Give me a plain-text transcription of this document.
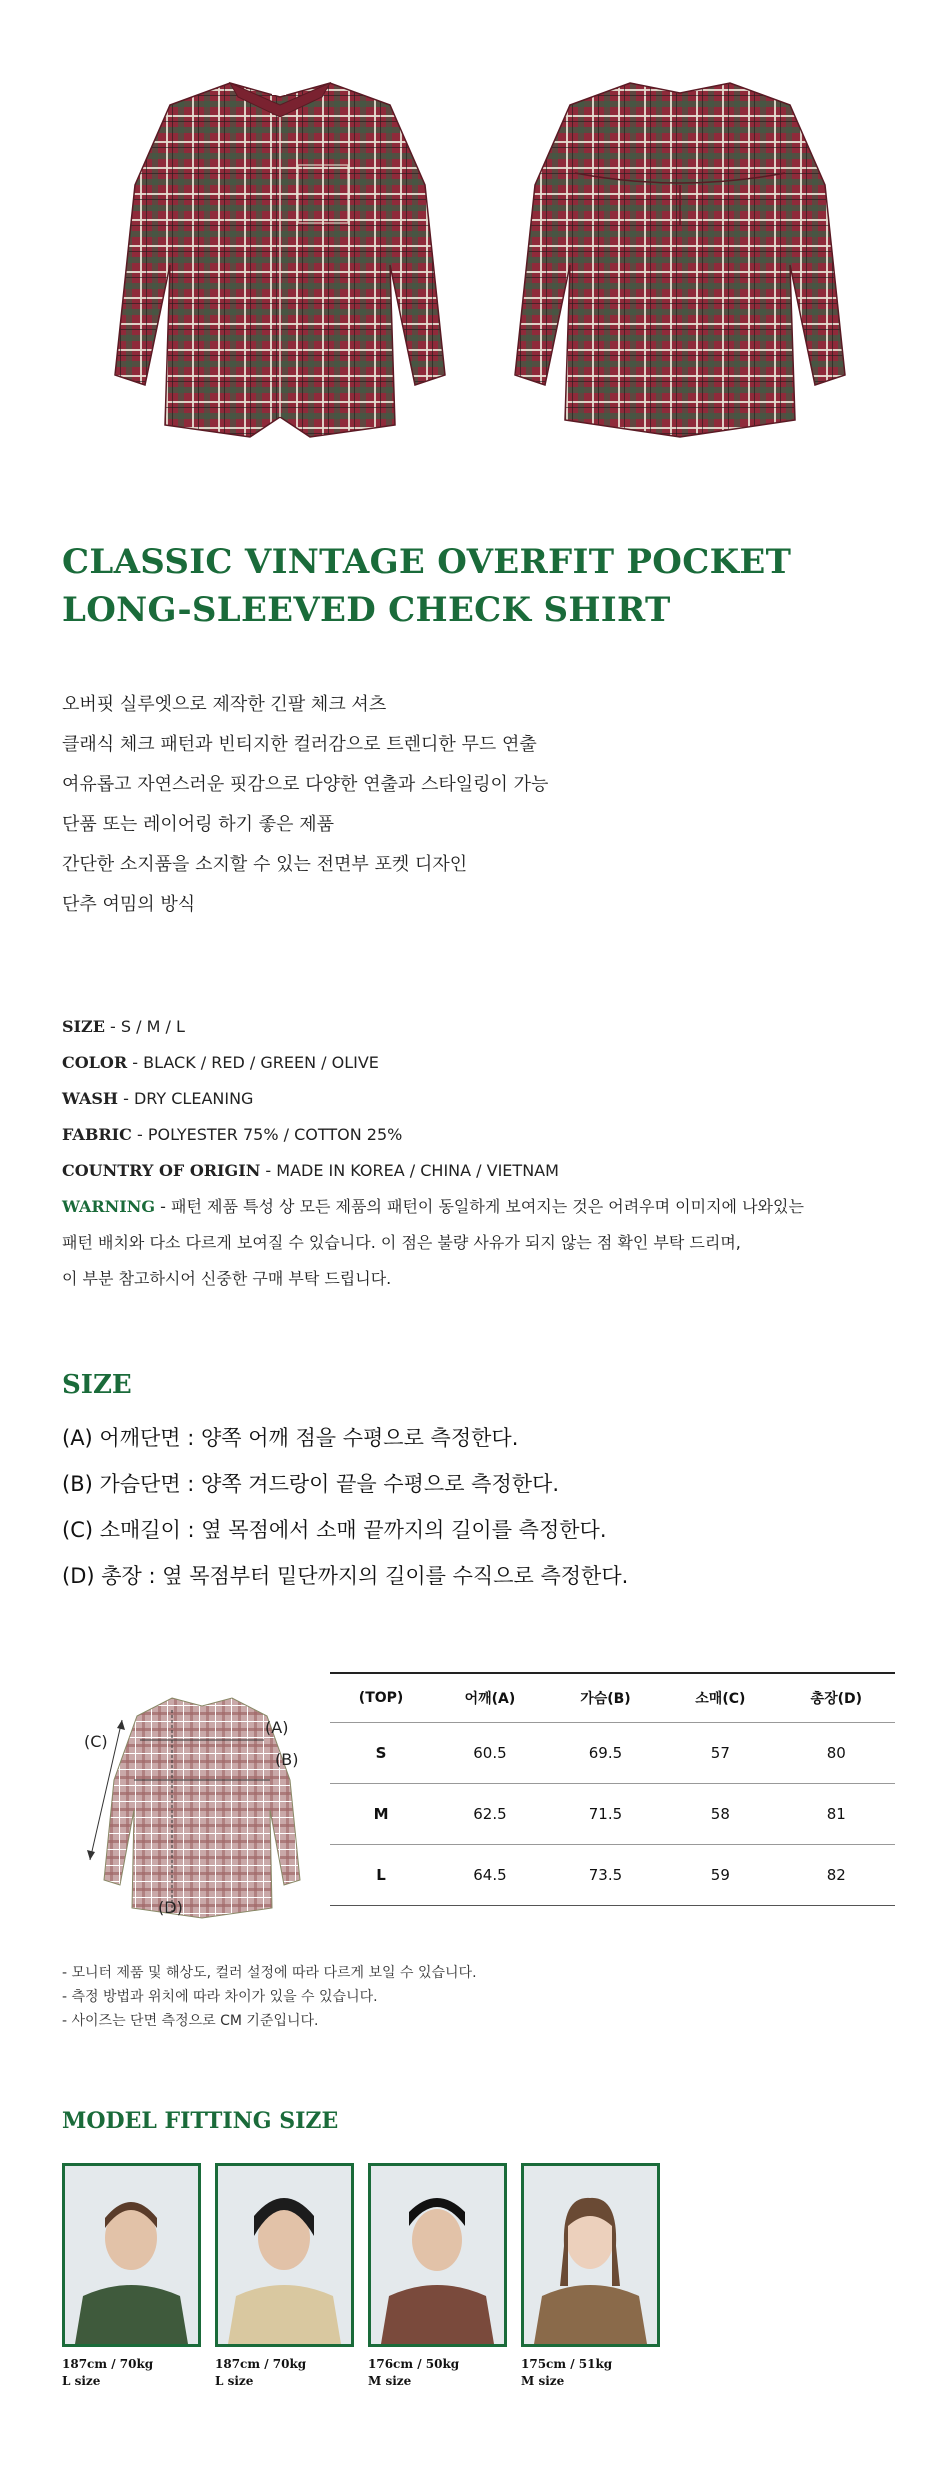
CLASSIC VINTAGE OVERFIT POCKET
LONG-SLEEVED CHECK SHIRT
오버핏 실루엣으로 제작한 긴팔 체크 셔츠
클래식 체크 패턴과 빈티지한 컬러감으로 트렌디한 무드 연출
여유롭고 자연스러운 핏감으로 다양한 연출과 스타일링이 가능
단품 또는 레이어링 하기 좋은 제품
간단한 소지품을 소지할 수 있는 전면부 포켓 디자인
단추 여밈의 방식
SIZE - S / M / L
COLOR - BLACK / RED / GREEN / OLIVE
WASH - DRY CLEANING
FABRIC - POLYESTER 75% / COTTON 25%
COUNTRY OF ORIGIN - MADE IN KOREA / CHINA / VIETNAM
WARNING - 패턴 제품 특성 상 모든 제품의 패턴이 동일하게 보여지는 것은 어려우며 이미지에 나와있는
패턴 배치와 다소 다르게 보여질 수 있습니다. 이 점은 불량 사유가 되지 않는 점 확인 부탁 드리며,
이 부분 참고하시어 신중한 구매 부탁 드립니다.
SIZE
(A) 어깨단면 : 양쪽 어깨 점을 수평으로 측정한다.
(B) 가슴단면 : 양쪽 겨드랑이 끝을 수평으로 측정한다.
(C) 소매길이 : 옆 목점에서 소매 끝까지의 길이를 측정한다.
(D) 총장 : 옆 목점부터 밑단까지의 길이를 수직으로 측정한다.
(A)
(B)
(C)
(D)
(TOP)	어깨(A)	가슴(B)	소매(C)	총장(D)
S	60.5	69.5	57	80
M	62.5	71.5	58	81
L	64.5	73.5	59	82
- 모니터 제품 및 해상도, 컬러 설정에 따라 다르게 보일 수 있습니다.
- 측정 방법과 위치에 따라 차이가 있을 수 있습니다.
- 사이즈는 단면 측정으로 CM 기준입니다.
MODEL FITTING SIZE
187cm / 70kg
L size
187cm / 70kg
L size
176cm / 50kg
M size
175cm / 51kg
M size
